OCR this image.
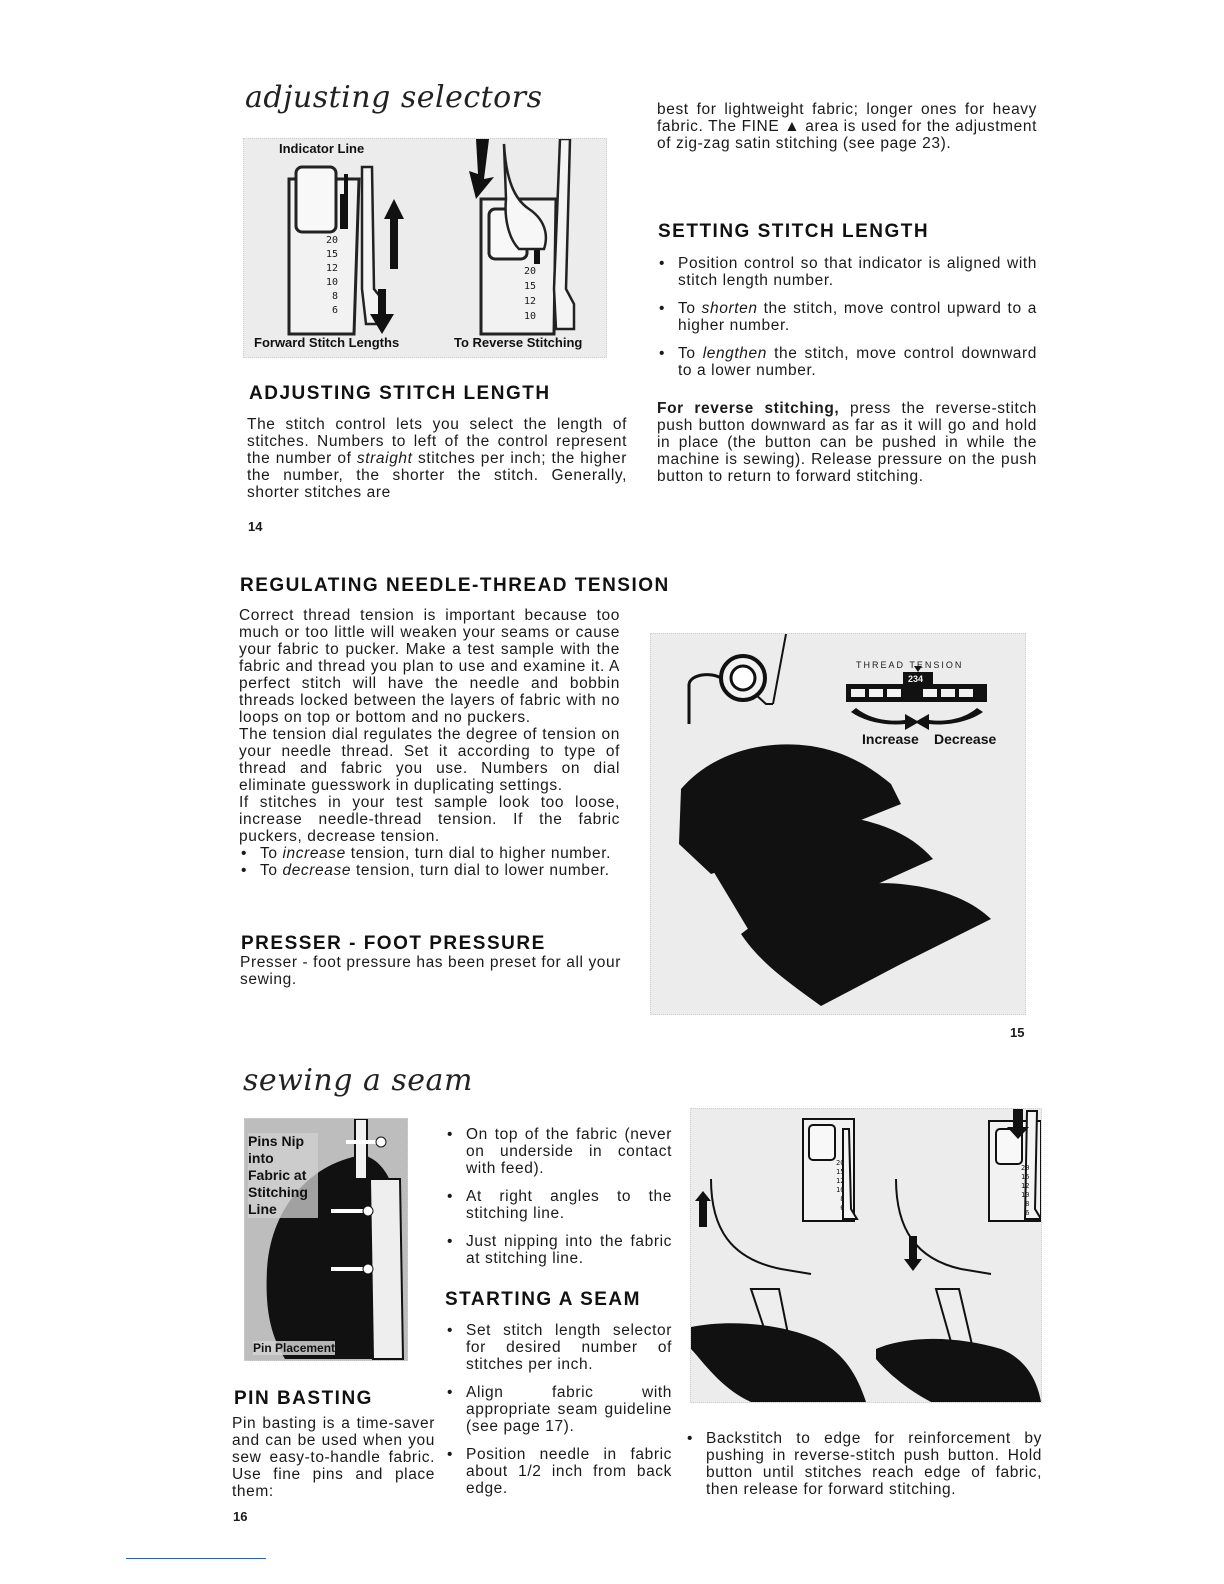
adjusting selectors
Indicator Line
20
15
12
10
8
6
20
15
12
10
Forward Stitch Lengths	To Reverse Stitching
ADJUSTING STITCH LENGTH
The stitch control lets you select the length of stitches. Numbers to left of the control represent the number of straight stitches per inch; the higher the number, the shorter the stitch. Generally, shorter stitches are
14
best for lightweight fabric; longer ones for heavy fabric. The FINE ▲ area is used for the adjustment of zig-zag satin stitching (see page 23).
SETTING STITCH LENGTH
• Position control so that indicator is aligned with stitch length number.
• To shorten the stitch, move control upward to a higher number.
• To lengthen the stitch, move control downward to a lower number.
For reverse stitching, press the reverse-stitch push button downward as far as it will go and hold in place (the button can be pushed in while the machine is sewing). Release pressure on the push button to return to forward stitching.
REGULATING NEEDLE-THREAD TENSION

Correct thread tension is important because too much or too little will weaken your seams or cause your fabric to pucker. Make a test sample with the fabric and thread you plan to use and examine it. A perfect stitch will have the needle and bobbin threads locked between the layers of fabric with no loops on top or bottom and no puckers.

The tension dial regulates the degree of tension on your needle thread. Set it according to type of thread and fabric you use. Numbers on dial eliminate guesswork in duplicating settings.

If stitches in your test sample look too loose, increase needle-thread tension. If the fabric puckers, decrease tension.

• To increase tension, turn dial to higher number.
• To decrease tension, turn dial to lower number.
PRESSER - FOOT PRESSURE
Presser - foot pressure has been preset for all your sewing.
THREAD TENSION
234
Increase Decrease
15
sewing a seam
Pins Nip into Fabric at Stitching Line
Pin Placement
PIN BASTING
Pin basting is a time-saver and can be used when you sew easy-to-handle fabric. Use fine pins and place them:
16
• On top of the fabric (never on underside in contact with feed).
• At right angles to the stitching line.
• Just nipping into the fabric at stitching line.
STARTING A SEAM
• Set stitch length selector for desired number of stitches per inch.
• Align fabric with appropriate seam guideline (see page 17).
• Position needle in fabric about 1/2 inch from back edge.
20
15
12
10
8
6
20
15
12
10
8
6
• Backstitch to edge for reinforcement by pushing in reverse-stitch push button. Hold button until stitches reach edge of fabric, then release for forward stitching.
